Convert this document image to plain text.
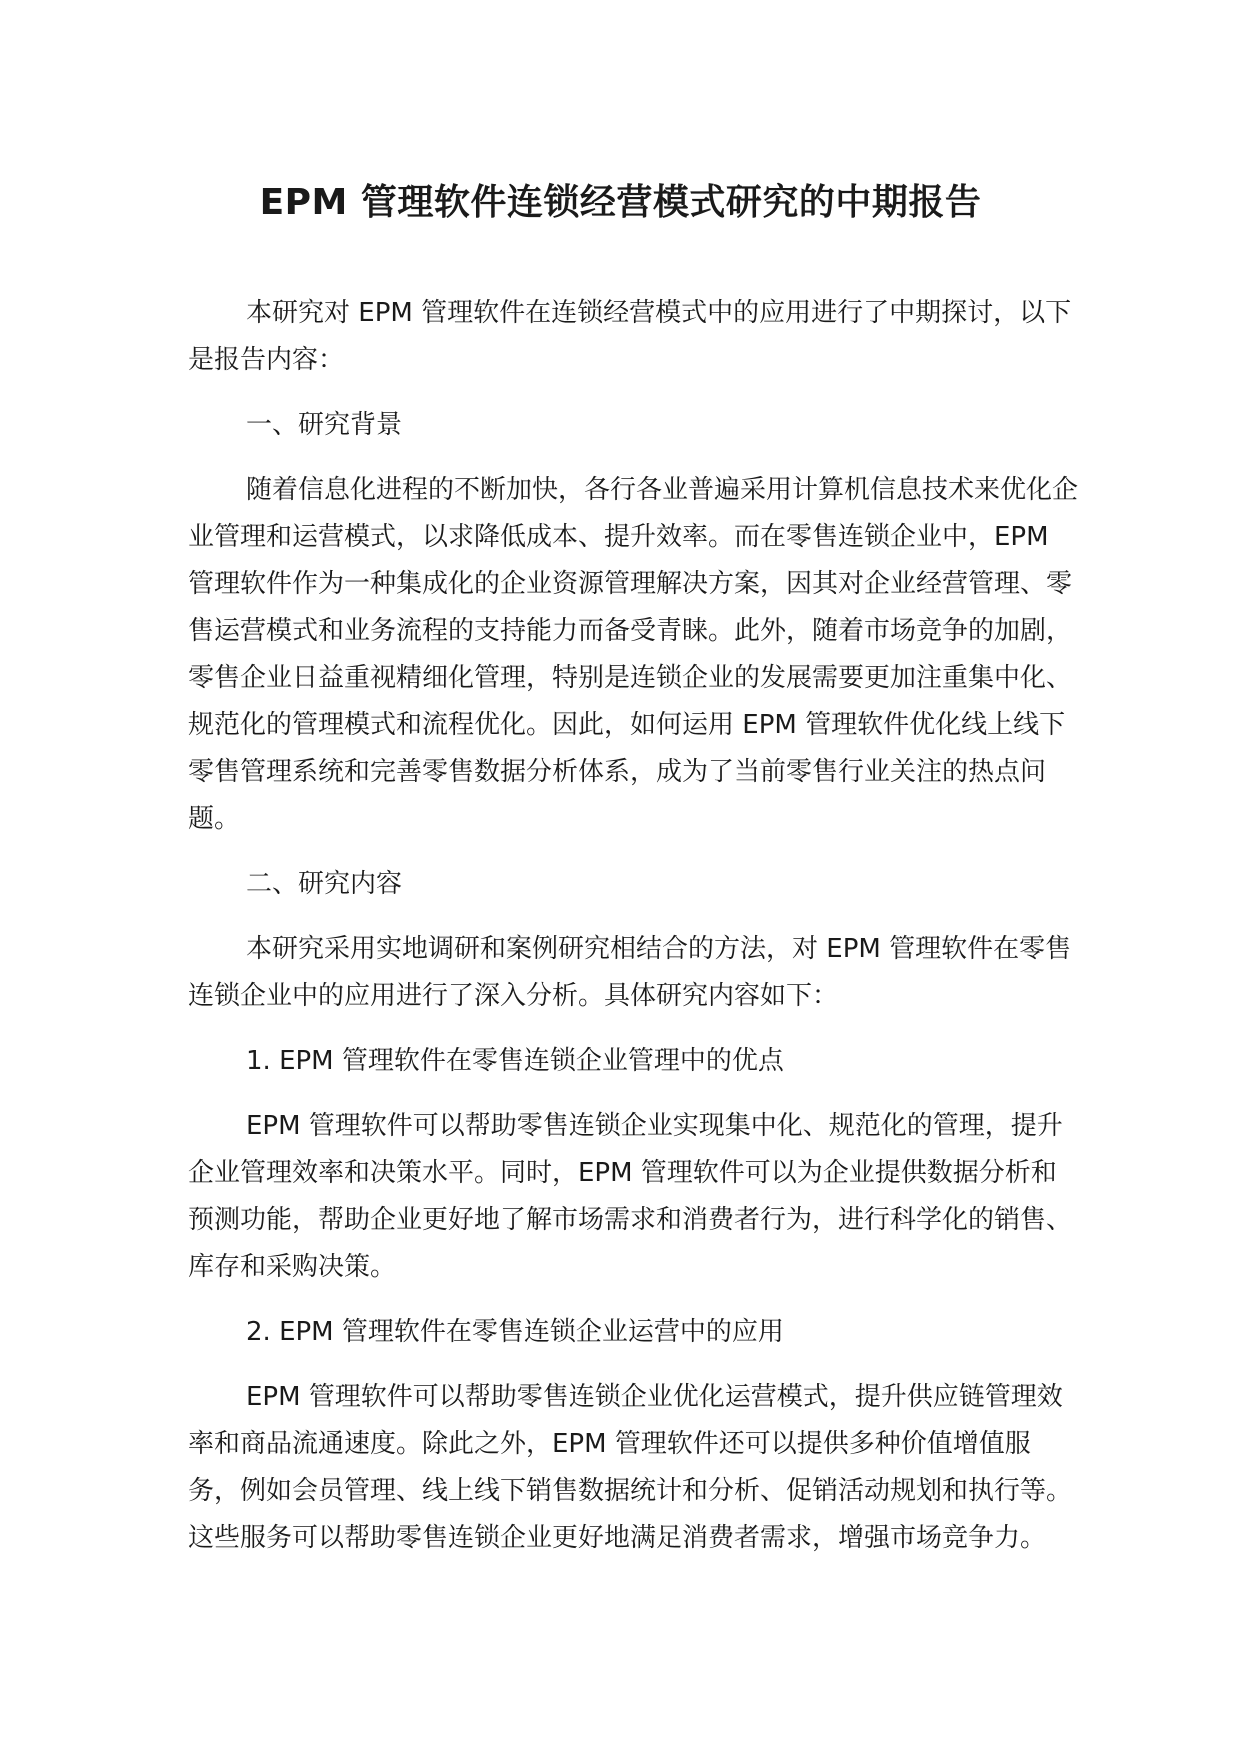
EPM 管理软件连锁经营模式研究的中期报告

本研究对 EPM 管理软件在连锁经营模式中的应用进行了中期探讨，以下是报告内容：

一、研究背景

随着信息化进程的不断加快，各行各业普遍采用计算机信息技术来优化企业管理和运营模式，以求降低成本、提升效率。而在零售连锁企业中，EPM 管理软件作为一种集成化的企业资源管理解决方案，因其对企业经营管理、零售运营模式和业务流程的支持能力而备受青睐。此外，随着市场竞争的加剧，零售企业日益重视精细化管理，特别是连锁企业的发展需要更加注重集中化、规范化的管理模式和流程优化。因此，如何运用 EPM 管理软件优化线上线下零售管理系统和完善零售数据分析体系，成为了当前零售行业关注的热点问题。

二、研究内容

本研究采用实地调研和案例研究相结合的方法，对 EPM 管理软件在零售连锁企业中的应用进行了深入分析。具体研究内容如下：

1. EPM 管理软件在零售连锁企业管理中的优点

EPM 管理软件可以帮助零售连锁企业实现集中化、规范化的管理，提升企业管理效率和决策水平。同时，EPM 管理软件可以为企业提供数据分析和预测功能，帮助企业更好地了解市场需求和消费者行为，进行科学化的销售、库存和采购决策。

2. EPM 管理软件在零售连锁企业运营中的应用

EPM 管理软件可以帮助零售连锁企业优化运营模式，提升供应链管理效率和商品流通速度。除此之外，EPM 管理软件还可以提供多种价值增值服务，例如会员管理、线上线下销售数据统计和分析、促销活动规划和执行等。这些服务可以帮助零售连锁企业更好地满足消费者需求，增强市场竞争力。
